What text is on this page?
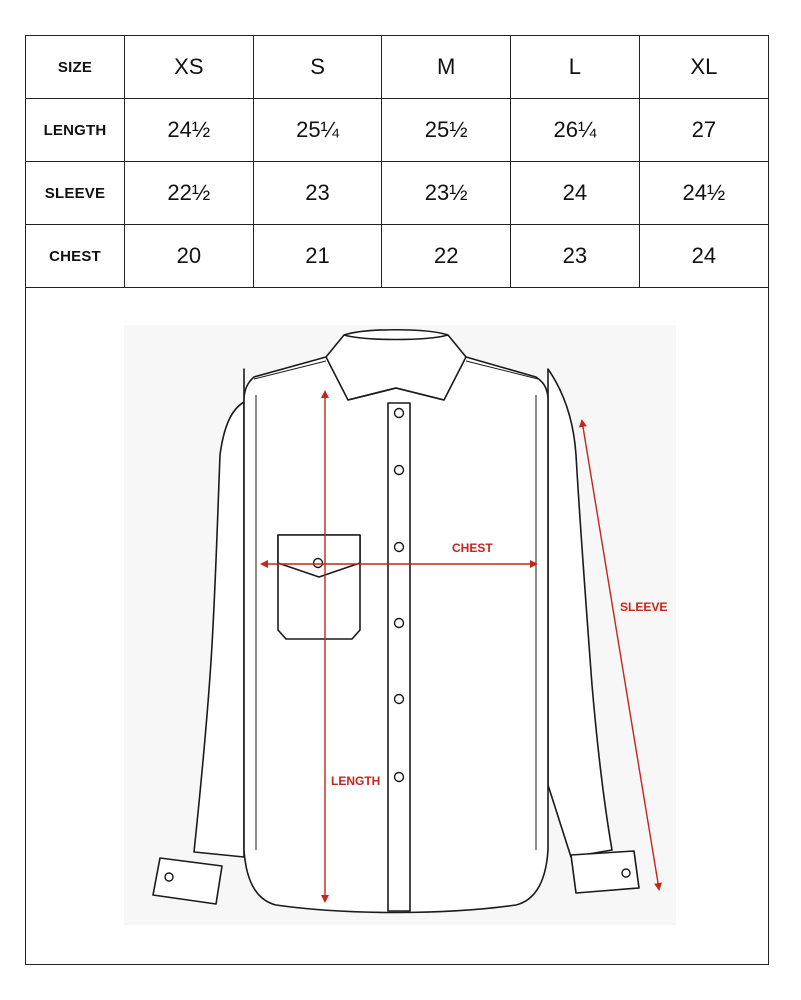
SIZE	XS	S	M	L	XL
LENGTH	24½	25¼	25½	26¼	27
SLEEVE	22½	23	23½	24	24½
CHEST	20	21	22	23	24
CHEST
SLEEVE
LENGTH
